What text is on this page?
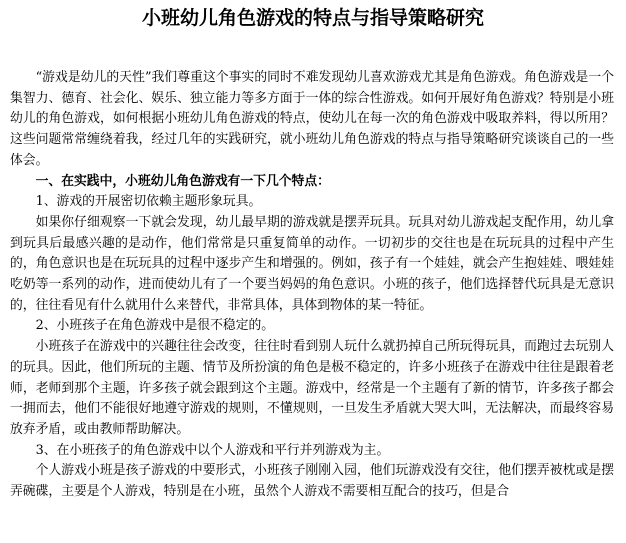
小班幼儿角色游戏的特点与指导策略研究

“游戏是幼儿的天性”我们尊重这个事实的同时不难发现幼儿喜欢游戏尤其是角色游戏。角色游戏是一个集智力、德育、社会化、娱乐、独立能力等多方面于一体的综合性游戏。如何开展好角色游戏？特别是小班幼儿的角色游戏，如何根据小班幼儿角色游戏的特点，使幼儿在每一次的角色游戏中吸取养料，得以所用？这些问题常常缠绕着我，经过几年的实践研究，就小班幼儿角色游戏的特点与指导策略研究谈谈自己的一些体会。

一、在实践中，小班幼儿角色游戏有一下几个特点：

1、游戏的开展密切依赖主题形象玩具。

如果你仔细观察一下就会发现，幼儿最早期的游戏就是摆弄玩具。玩具对幼儿游戏起支配作用，幼儿拿到玩具后最感兴趣的是动作，他们常常是只重复简单的动作。一切初步的交往也是在玩玩具的过程中产生的，角色意识也是在玩玩具的过程中逐步产生和增强的。例如，孩子有一个娃娃，就会产生抱娃娃、喂娃娃吃奶等一系列的动作，进而使幼儿有了一个要当妈妈的角色意识。小班的孩子，他们选择替代玩具是无意识的，往往看见有什么就用什么来替代，非常具体，具体到物体的某一特征。

2、小班孩子在角色游戏中是很不稳定的。

小班孩子在游戏中的兴趣往往会改变，往往时看到别人玩什么就扔掉自己所玩得玩具，而跑过去玩别人的玩具。因此，他们所玩的主题、情节及所扮演的角色是极不稳定的，许多小班孩子在游戏中往往是跟着老师，老师到那个主题，许多孩子就会跟到这个主题。游戏中，经常是一个主题有了新的情节，许多孩子都会一拥而去，他们不能很好地遵守游戏的规则，不懂规则，一旦发生矛盾就大哭大叫，无法解决，而最终容易放弃矛盾，或由教师帮助解决。

3、在小班孩子的角色游戏中以个人游戏和平行并列游戏为主。

个人游戏小班是孩子游戏的中要形式，小班孩子刚刚入园，他们玩游戏没有交往，他们摆弄被枕或是摆弄碗碟，主要是个人游戏，特别是在小班，虽然个人游戏不需要相互配合的技巧，但是合
